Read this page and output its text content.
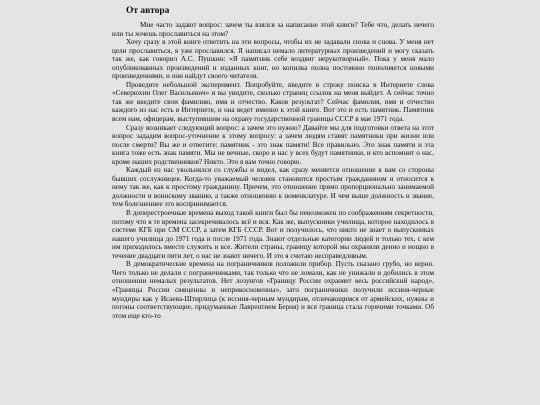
От автора

Мне часто задают вопрос: зачем ты взялся за написание этой книги? Тебе что, делать нечего или ты хочешь прославиться на этом?

Хочу сразу в этой книге ответить на эти вопросы, чтобы их не задавали снова и снова. У меня нет цели прославиться, я уже прославился. Я написал немало литературных произведений и могу сказать так же, как говорил А.С. Пушкин: «Я памятник себе воздвиг нерукотворный». Пока у меня мало опубликованных произведений и изданных книг, но копилка полна постоянно пополняется новыми произведениями, и они найдут своего читателя.

Проведите небольшой эксперимент. Попробуйте, введите в строку поиска в Интернете слова «Северюхин Олег Васильевич» и вы увидите, сколько страниц ссылок на меня выйдет. А сейчас точно так же введите свои фамилию, имя и отчество. Каков результат? Сейчас фамилия, имя и отчество каждого из нас есть в Интернете, и она ведет именно к этой книге. Вот это и есть памятник. Памятник всем нам, офицерам, выступившим на охрану государственной границы СССР в мае 1971 года.

Сразу возникает следующий вопрос: а зачем это нужно? Давайте мы для подготовки ответа на этот вопрос зададим вопрос-уточнение к этому вопросу: а зачем людям ставят памятники при жизни или после смерти? Вы же и ответите: памятник - это знак памяти! Все правильно. Это знак памяти и эта книга тоже есть знак памяти. Мы не вечные, скоро и нас у всех будут памятники, и кто вспомнит о нас, кроме наших родственников? Никто. Это я вам точно говорю.

Каждый из нас увольнялся со службы и видел, как сразу меняется отношение к вам со стороны бывших сослуживцев. Когда-то уважаемый человек становится простым гражданином и относится к нему так же, как к простому гражданину. Причем, это отношение прямо пропорционально занимаемой должности и воинскому званию, а также отношению к номенклатуре. И чем выше должность и звание, тем болезненнее это воспринимается.

В доперестроечные времена выход такой книги был бы невозможен по соображениям секретности, потому что в те времена засекречивалось всё и вся. Как же, выпускники училища, которое находилось в системе КГБ при СМ СССР, а затем КГБ СССР. Вот и получилось, что никто не знает о выпускниках нашего училища до 1971 года и после 1971 года. Знают отдельные категории людей и только тех, с кем им приходилось вместе служить и все. Жители страны, границу которой мы охраняли денно и нощно в течение двадцати пяти лет, о нас не знают ничего. И это я считаю несправедливым.

В демократические времена на пограничников положили прибор. Пусть сказано грубо, но верно. Чего только не делали с пограничниками, так только что не ломали, как не унижали и добились в этом отношении немалых результатов. Нет лозунгов «Границу России охраняет весь российский народ», «Границы России священны и неприкосновенны», зато пограничники получили иссиня-черные мундиры как у Исаева-Штирлица (к иссиня-черным мундирам, отличающимся от армейских, нужны и погоны соответствующие, придуманные Лаврентием Берия) и вся граница стала горячими точками. Об этом еще кто-то
